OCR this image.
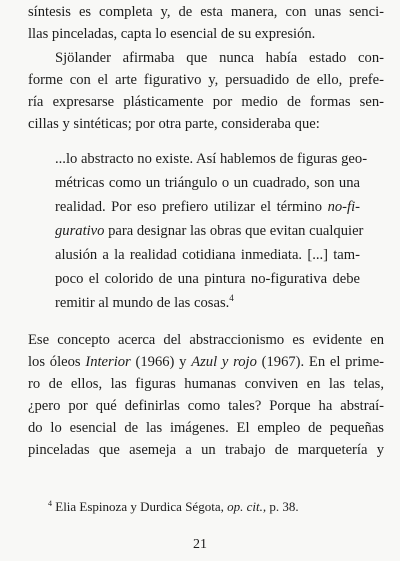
síntesis es completa y, de esta manera, con unas senci-
llas pinceladas, capta lo esencial de su expresión.
Sjölander afirmaba que nunca había estado con-
forme con el arte figurativo y, persuadido de ello, prefe-
ría expresarse plásticamente por medio de formas sen-
cillas y sintéticas; por otra parte, consideraba que:
...lo abstracto no existe. Así hablemos de figuras geo-
métricas como un triángulo o un cuadrado, son una
realidad. Por eso prefiero utilizar el término no-fi-
gurativo para designar las obras que evitan cualquier
alusión a la realidad cotidiana inmediata. [...] tam-
poco el colorido de una pintura no-figurativa debe
remitir al mundo de las cosas.$^4$
Ese concepto acerca del abstraccionismo es evidente en
los óleos Interior (1966) y Azul y rojo (1967). En el prime-
ro de ellos, las figuras humanas conviven en las telas,
¿pero por qué definirlas como tales? Porque ha abstraí-
do lo esencial de las imágenes. El empleo de pequeñas
pinceladas que asemeja a un trabajo de marquetería y
$^4$ Elia Espinoza y Durdica Ségota, op. cit., p. 38.
21
